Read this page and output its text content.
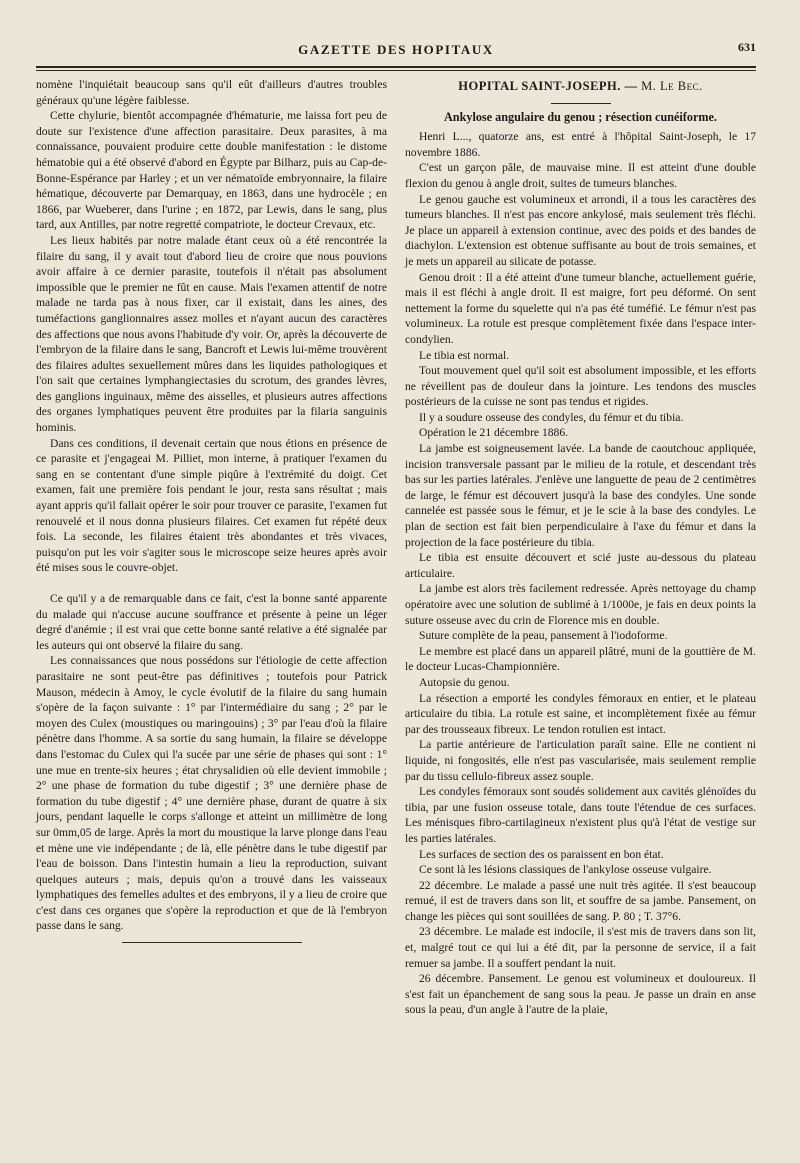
GAZETTE DES HOPITAUX	631

nomène l'inquiétait beaucoup sans qu'il eût d'ailleurs d'autres troubles généraux qu'une légère faiblesse.

Cette chylurie, bientôt accompagnée d'hématurie, me laissa fort peu de doute sur l'existence d'une affection parasitaire. Deux parasites, à ma connaissance, pouvaient produire cette double manifestation : le distome hématobie qui a été observé d'abord en Égypte par Bilharz, puis au Cap-de-Bonne-Espérance par Harley ; et un ver nématoïde embryonnaire, la filaire hématique, découverte par Demarquay, en 1863, dans une hydrocèle ; en 1866, par Wueberer, dans l'urine ; en 1872, par Lewis, dans le sang, plus tard, aux Antilles, par notre regretté compatriote, le docteur Crevaux, etc.

Les lieux habités par notre malade étant ceux où a été rencontrée la filaire du sang, il y avait tout d'abord lieu de croire que nous pouvions avoir affaire à ce dernier parasite, toutefois il n'était pas absolument impossible que le premier ne fût en cause. Mais l'examen attentif de notre malade ne tarda pas à nous fixer, car il existait, dans les aines, des tuméfactions ganglionnaires assez molles et n'ayant aucun des caractères des affections que nous avons l'habitude d'y voir. Or, après la découverte de l'embryon de la filaire dans le sang, Bancroft et Lewis lui-même trouvèrent des filaires adultes sexuellement mûres dans les liquides pathologiques et l'on sait que certaines lymphangiectasies du scrotum, des grandes lèvres, des ganglions inguinaux, même des aisselles, et plusieurs autres affections des organes lymphatiques peuvent être produites par la filaria sanguinis hominis.

Dans ces conditions, il devenait certain que nous étions en présence de ce parasite et j'engageai M. Pilliet, mon interne, à pratiquer l'examen du sang en se contentant d'une simple piqûre à l'extrémité du doigt. Cet examen, fait une première fois pendant le jour, resta sans résultat ; mais ayant appris qu'il fallait opérer le soir pour trouver ce parasite, l'examen fut renouvelé et il nous donna plusieurs filaires. Cet examen fut répété deux fois. La seconde, les filaires étaient très abondantes et très vivaces, puisqu'on put les voir s'agiter sous le microscope seize heures après avoir été mises sous le couvre-objet.

Ce qu'il y a de remarquable dans ce fait, c'est la bonne santé apparente du malade qui n'accuse aucune souffrance et présente à peine un léger degré d'anémie ; il est vrai que cette bonne santé relative a été signalée par les auteurs qui ont observé la filaire du sang.

Les connaissances que nous possédons sur l'étiologie de cette affection parasitaire ne sont peut-être pas définitives ; toutefois pour Patrick Mauson, médecin à Amoy, le cycle évolutif de la filaire du sang humain s'opère de la façon suivante : 1° par l'intermédiaire du sang ; 2° par le moyen des Culex (moustiques ou maringouins) ; 3° par l'eau d'où la filaire pénètre dans l'homme. A sa sortie du sang humain, la filaire se développe dans l'estomac du Culex qui l'a sucée par une série de phases qui sont : 1° une mue en trente-six heures ; état chrysalidien où elle devient immobile ; 2° une phase de formation du tube digestif ; 3° une dernière phase de formation du tube digestif ; 4° une dernière phase, durant de quatre à six jours, pendant laquelle le corps s'allonge et atteint un millimètre de long sur 0mm,05 de large. Après la mort du moustique la larve plonge dans l'eau et mène une vie indépendante ; de là, elle pénètre dans le tube digestif par l'eau de boisson. Dans l'intestin humain a lieu la reproduction, suivant quelques auteurs ; mais, depuis qu'on a trouvé dans les vaisseaux lymphatiques des femelles adultes et des embryons, il y a lieu de croire que c'est dans ces organes que s'opère la reproduction et que de là l'embryon passe dans le sang.

HOPITAL SAINT-JOSEPH. — M. Le Bec.
Ankylose angulaire du genou ; résection cunéiforme.

Henri L..., quatorze ans, est entré à l'hôpital Saint-Joseph, le 17 novembre 1886.

C'est un garçon pâle, de mauvaise mine. Il est atteint d'une double flexion du genou à angle droit, suites de tumeurs blanches.

Le genou gauche est volumineux et arrondi, il a tous les caractères des tumeurs blanches. Il n'est pas encore ankylosé, mais seulement très fléchi. Je place un appareil à extension continue, avec des poids et des bandes de diachylon. L'extension est obtenue suffisante au bout de trois semaines, et je mets un appareil au silicate de potasse.

Genou droit : Il a été atteint d'une tumeur blanche, actuellement guérie, mais il est fléchi à angle droit. Il est maigre, fort peu déformé. On sent nettement la forme du squelette qui n'a pas été tuméfié. Le fémur n'est pas volumineux. La rotule est presque complètement fixée dans l'espace inter-condylien.

Le tibia est normal.

Tout mouvement quel qu'il soit est absolument impossible, et les efforts ne réveillent pas de douleur dans la jointure. Les tendons des muscles postérieurs de la cuisse ne sont pas tendus et rigides.

Il y a soudure osseuse des condyles, du fémur et du tibia.

Opération le 21 décembre 1886.

La jambe est soigneusement lavée. La bande de caoutchouc appliquée, incision transversale passant par le milieu de la rotule, et descendant très bas sur les parties latérales. J'enlève une languette de peau de 2 centimètres de large, le fémur est découvert jusqu'à la base des condyles. Une sonde cannelée est passée sous le fémur, et je le scie à la base des condyles. Le plan de section est fait bien perpendiculaire à l'axe du fémur et dans la projection de la face postérieure du tibia.

Le tibia est ensuite découvert et scié juste au-dessous du plateau articulaire.

La jambe est alors très facilement redressée. Après nettoyage du champ opératoire avec une solution de sublimé à 1/1000e, je fais en deux points la suture osseuse avec du crin de Florence mis en double.

Suture complète de la peau, pansement à l'iodoforme.

Le membre est placé dans un appareil plâtré, muni de la gouttière de M. le docteur Lucas-Championnière.

Autopsie du genou.

La résection a emporté les condyles fémoraux en entier, et le plateau articulaire du tibia. La rotule est saine, et incomplètement fixée au fémur par des trousseaux fibreux. Le tendon rotulien est intact.

La partie antérieure de l'articulation paraît saine. Elle ne contient ni liquide, ni fongosités, elle n'est pas vascularisée, mais seulement remplie par du tissu cellulo-fibreux assez souple.

Les condyles fémoraux sont soudés solidement aux cavités glénoïdes du tibia, par une fusion osseuse totale, dans toute l'étendue de ces surfaces. Les ménisques fibro-cartilagineux n'existent plus qu'à l'état de vestige sur les parties latérales.

Les surfaces de section des os paraissent en bon état.

Ce sont là les lésions classiques de l'ankylose osseuse vulgaire.

22 décembre. Le malade a passé une nuit très agitée. Il s'est beaucoup remué, il est de travers dans son lit, et souffre de sa jambe. Pansement, on change les pièces qui sont souillées de sang. P. 80 ; T. 37°6.

23 décembre. Le malade est indocile, il s'est mis de travers dans son lit, et, malgré tout ce qui lui a été dit, par la personne de service, il a fait remuer sa jambe. Il a souffert pendant la nuit.

26 décembre. Pansement. Le genou est volumineux et douloureux. Il s'est fait un épanchement de sang sous la peau. Je passe un drain en anse sous la peau, d'un angle à l'autre de la plaie,
